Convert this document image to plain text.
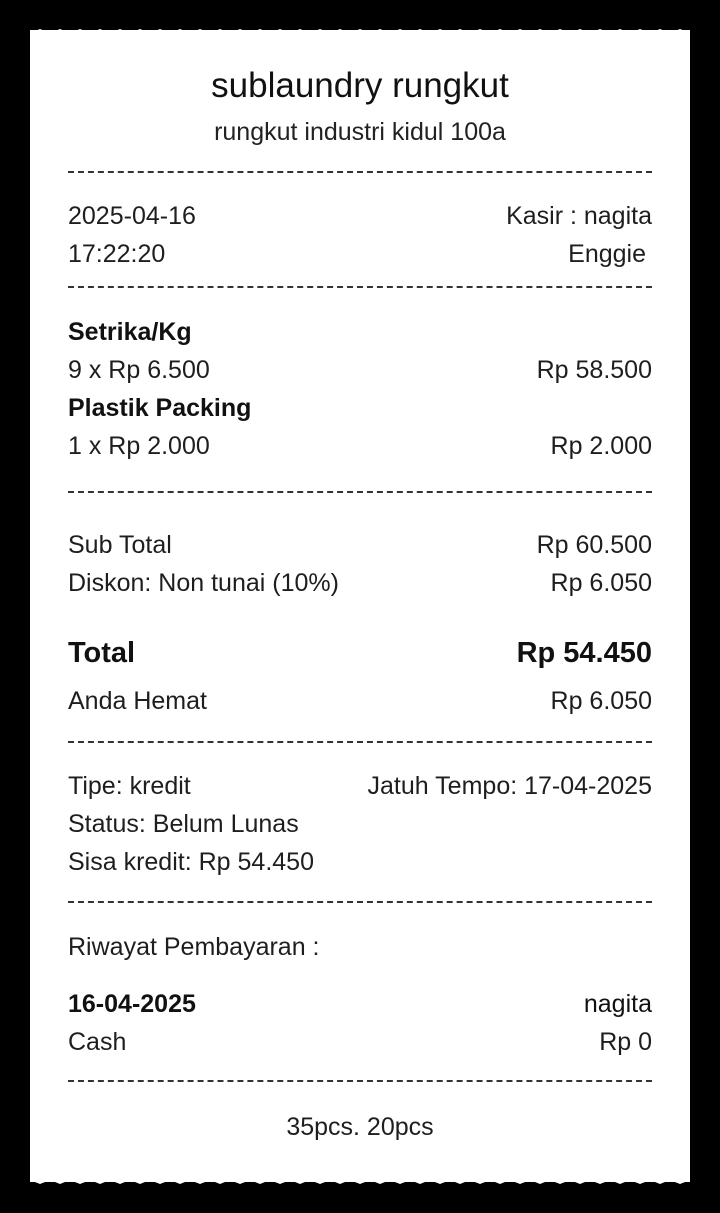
sublaundry rungkut
rungkut industri kidul 100a
2025-04-16	Kasir : nagita
17:22:20	Enggie
Setrika/Kg
9 x Rp 6.500	Rp 58.500
Plastik Packing
1 x Rp 2.000	Rp 2.000
Sub Total	Rp 60.500
Diskon: Non tunai (10%)	Rp 6.050
Total	Rp 54.450
Anda Hemat	Rp 6.050
Tipe: kredit	Jatuh Tempo: 17-04-2025
Status: Belum Lunas
Sisa kredit: Rp 54.450
Riwayat Pembayaran :
16-04-2025	nagita
Cash	Rp 0
35pcs. 20pcs
